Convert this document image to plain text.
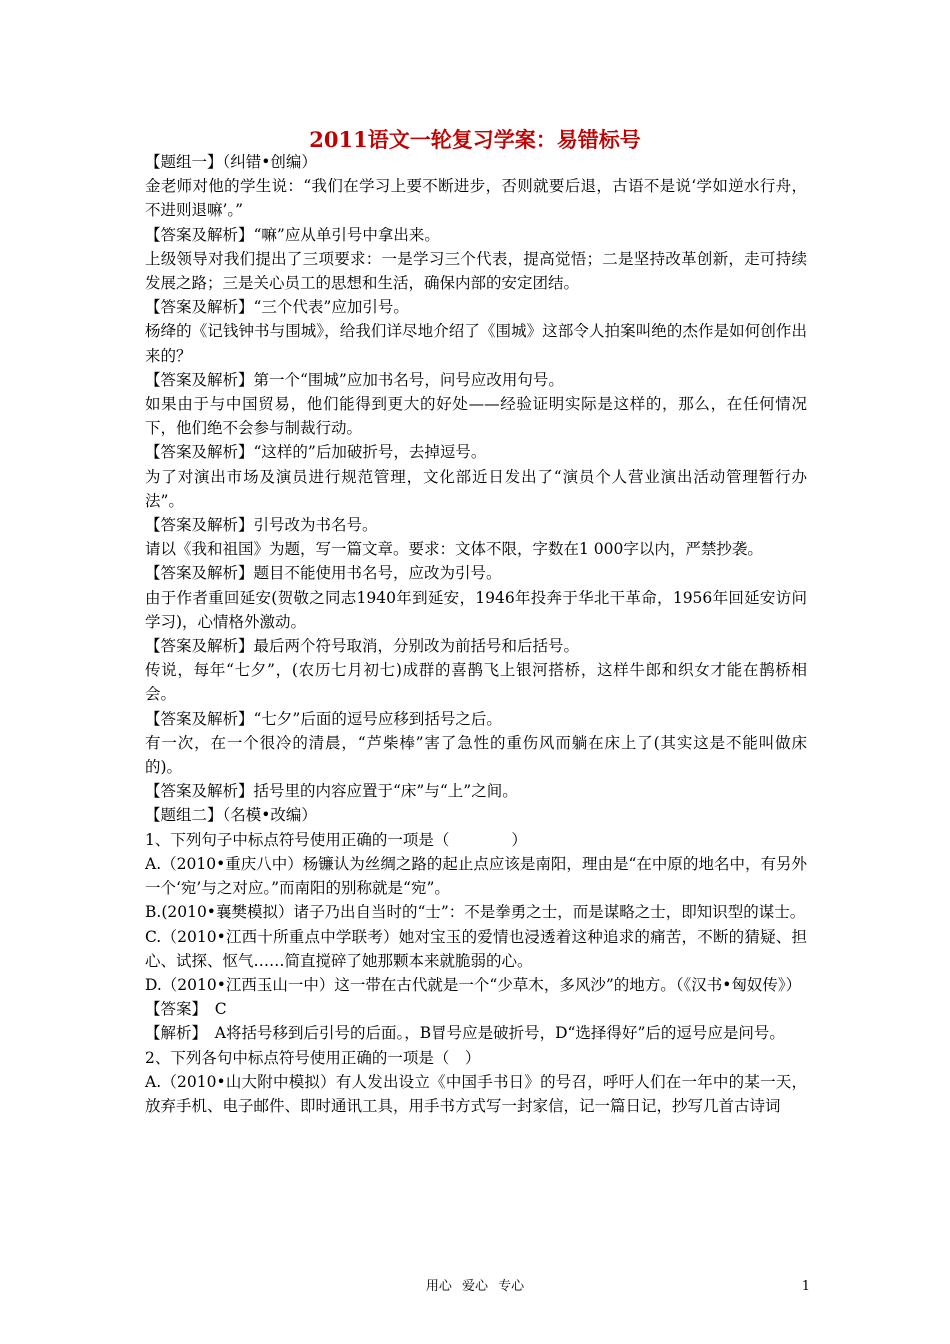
2011语文一轮复习学案：易错标号

【题组一】（纠错•创编）

金老师对他的学生说：“我们在学习上要不断进步，否则就要后退，古语不是说‘学如逆水行舟，不进则退嘛’。”

【答案及解析】“嘛”应从单引号中拿出来。

上级领导对我们提出了三项要求：一是学习三个代表，提高觉悟；二是坚持改革创新，走可持续发展之路；三是关心员工的思想和生活，确保内部的安定团结。

【答案及解析】“三个代表”应加引号。

杨绛的《记钱钟书与围城》，给我们详尽地介绍了《围城》这部令人拍案叫绝的杰作是如何创作出来的？

【答案及解析】第一个“围城”应加书名号，问号应改用句号。

如果由于与中国贸易，他们能得到更大的好处——经验证明实际是这样的，那么，在任何情况下，他们绝不会参与制裁行动。

【答案及解析】“这样的”后加破折号，去掉逗号。

为了对演出市场及演员进行规范管理，文化部近日发出了“演员个人营业演出活动管理暂行办法”。

【答案及解析】引号改为书名号。

请以《我和祖国》为题，写一篇文章。要求：文体不限，字数在1 000字以内，严禁抄袭。

【答案及解析】题目不能使用书名号，应改为引号。

由于作者重回延安(贺敬之同志1940年到延安，1946年投奔于华北干革命，1956年回延安访问学习)，心情格外激动。

【答案及解析】最后两个符号取消，分别改为前括号和后括号。

传说，每年“七夕”，(农历七月初七)成群的喜鹊飞上银河搭桥，这样牛郎和织女才能在鹊桥相会。

【答案及解析】“七夕”后面的逗号应移到括号之后。

有一次，在一个很冷的清晨，“芦柴棒”害了急性的重伤风而躺在床上了(其实这是不能叫做床的)。

【答案及解析】括号里的内容应置于“床”与“上”之间。

【题组二】（名模•改编）

1、下列句子中标点符号使用正确的一项是（　　　　）

A.（2010•重庆八中）杨镰认为丝绸之路的起止点应该是南阳，理由是“在中原的地名中，有另外一个‘宛’与之对应。”而南阳的别称就是“宛”。

B.(2010•襄樊模拟）诸子乃出自当时的“士”：不是拳勇之士，而是谋略之士，即知识型的谋士。

C.（2010•江西十所重点中学联考）她对宝玉的爱情也浸透着这种追求的痛苦，不断的猜疑、担心、试探、怄气……简直搅碎了她那颗本来就脆弱的心。

D.（2010•江西玉山一中）这一带在古代就是一个“少草木，多风沙”的地方。（《汉书•匈奴传》）

【答案】　C

【解析】　A将括号移到后引号的后面。，B冒号应是破折号，D“选择得好”后的逗号应是问号。

2、下列各句中标点符号使用正确的一项是（　）

A.（2010•山大附中模拟）有人发出设立《中国手书日》的号召，呼吁人们在一年中的某一天，放弃手机、电子邮件、即时通讯工具，用手书方式写一封家信，记一篇日记，抄写几首古诗词

用心 爱心 专心	1
